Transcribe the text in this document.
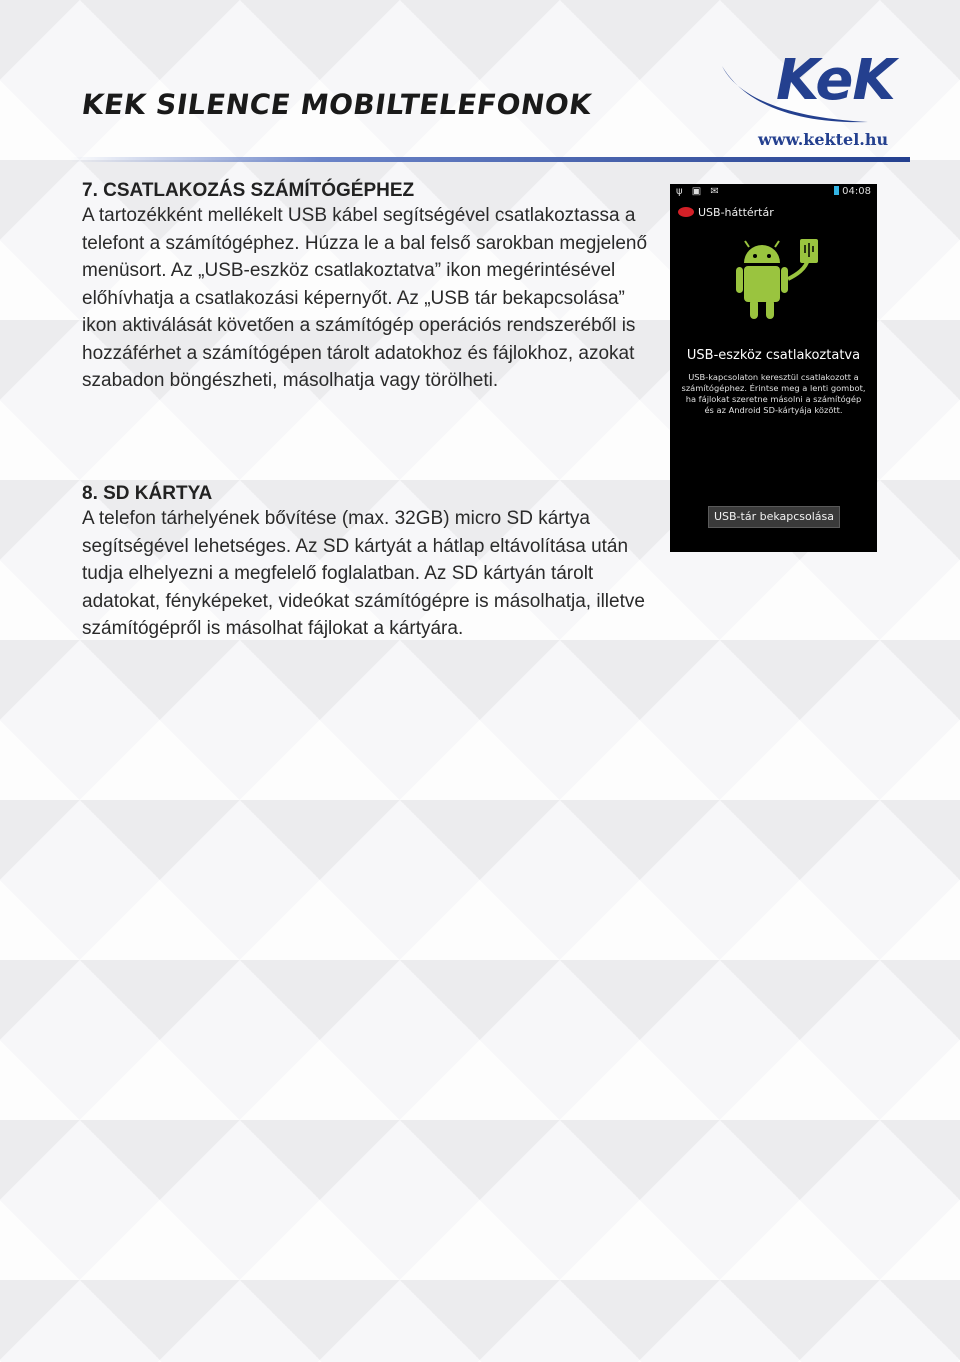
KEK SILENCE MOBILTELEFONOK	KeK
www.kektel.hu
7. CSATLAKOZÁS SZÁMÍTÓGÉPHEZ

A tartozékként mellékelt USB kábel segítségével csatlakoztassa a telefont a számítógéphez. Húzza le a bal felső sarokban megjelenő menüsort. Az „USB-eszköz csatlakoztatva” ikon megérintésével előhívhatja a csatlakozási képernyőt. Az „USB tár bekapcsolása” ikon aktiválását követően a számítógép operációs rendszeréből is hozzáférhet a számítógépen tárolt adatokhoz és fájlokhoz, azokat szabadon böngészheti, másolhatja vagy törölheti.

8. SD KÁRTYA

A telefon tárhelyének bővítése (max. 32GB) micro SD kártya segítségével lehetséges. Az SD kártyát a hátlap eltávolítása után tudja elhelyezni a megfelelő foglalatban. Az SD kártyán tárolt adatokat, fényképeket, videókat számítógépre is másolhatja, illetve számítógépről is másolhat fájlokat a kártyára.

ψ ▣ ✉	04:08
USB-háttértár
USB-eszköz csatlakoztatva
USB-kapcsolaton keresztül csatlakozott a számítógéphez. Érintse meg a lenti gombot, ha fájlokat szeretne másolni a számítógép és az Android SD-kártyája között.
USB-tár bekapcsolása
